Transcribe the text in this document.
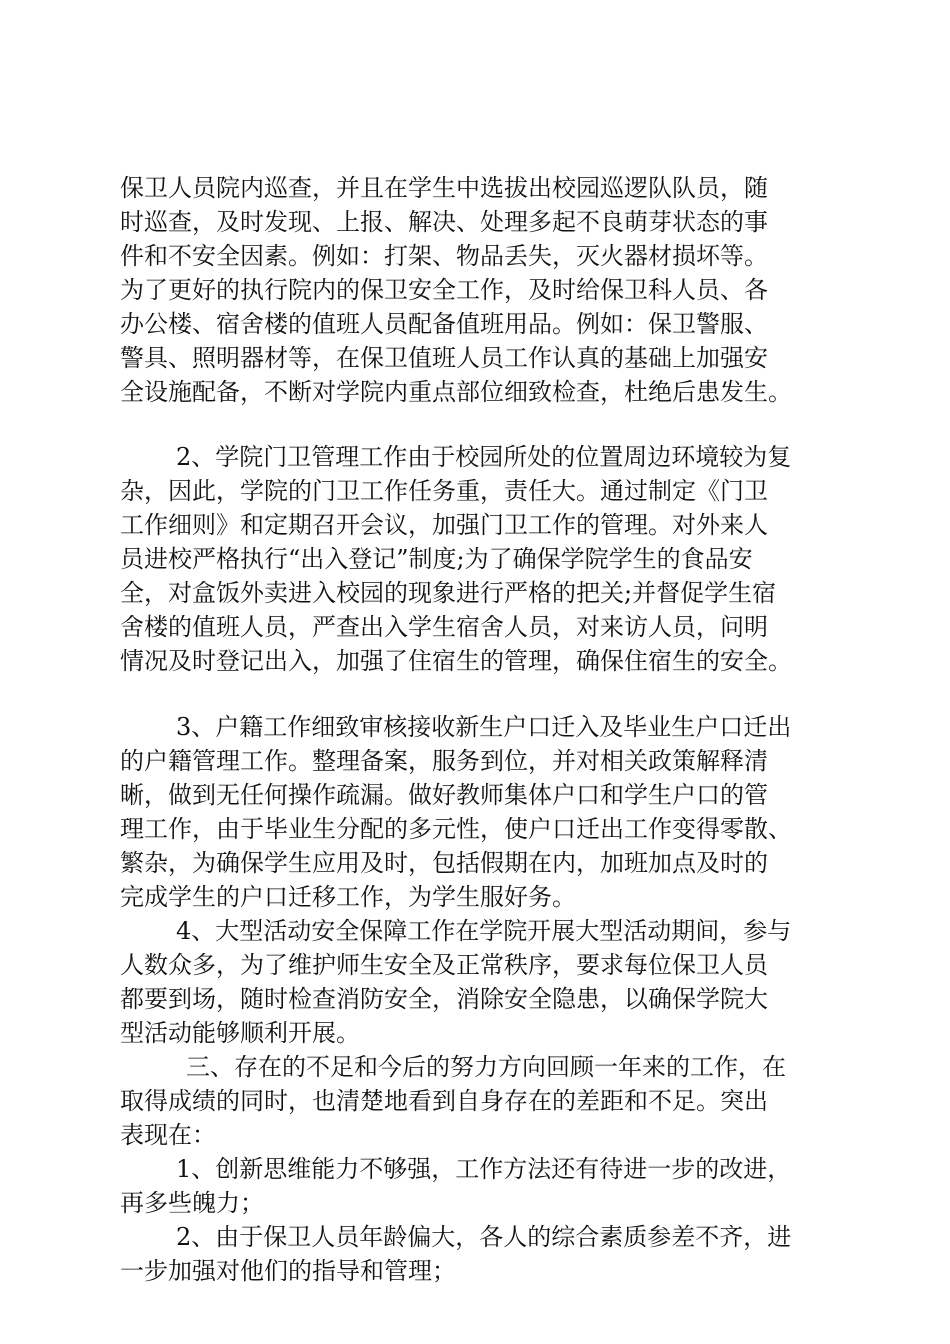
保卫人员院内巡查，并且在学生中选拔出校园巡逻队队员，随
时巡查，及时发现、上报、解决、处理多起不良萌芽状态的事
件和不安全因素。例如：打架、物品丢失，灭火器材损坏等。
为了更好的执行院内的保卫安全工作，及时给保卫科人员、各
办公楼、宿舍楼的值班人员配备值班用品。例如：保卫警服、
警具、照明器材等，在保卫值班人员工作认真的基础上加强安
全设施配备，不断对学院内重点部位细致检查，杜绝后患发生。
2、学院门卫管理工作由于校园所处的位置周边环境较为复
杂，因此，学院的门卫工作任务重，责任大。通过制定《门卫
工作细则》和定期召开会议，加强门卫工作的管理。对外来人
员进校严格执行“出入登记”制度;为了确保学院学生的食品安
全，对盒饭外卖进入校园的现象进行严格的把关;并督促学生宿
舍楼的值班人员，严查出入学生宿舍人员，对来访人员，问明
情况及时登记出入，加强了住宿生的管理，确保住宿生的安全。
3、户籍工作细致审核接收新生户口迁入及毕业生户口迁出
的户籍管理工作。整理备案，服务到位，并对相关政策解释清
晰，做到无任何操作疏漏。做好教师集体户口和学生户口的管
理工作，由于毕业生分配的多元性，使户口迁出工作变得零散、
繁杂，为确保学生应用及时，包括假期在内，加班加点及时的
完成学生的户口迁移工作，为学生服好务。
4、大型活动安全保障工作在学院开展大型活动期间，参与
人数众多，为了维护师生安全及正常秩序，要求每位保卫人员
都要到场，随时检查消防安全，消除安全隐患，以确保学院大
型活动能够顺利开展。
三、存在的不足和今后的努力方向回顾一年来的工作，在
取得成绩的同时，也清楚地看到自身存在的差距和不足。突出
表现在：
1、创新思维能力不够强，工作方法还有待进一步的改进，
再多些魄力；
2、由于保卫人员年龄偏大，各人的综合素质参差不齐，进
一步加强对他们的指导和管理；
